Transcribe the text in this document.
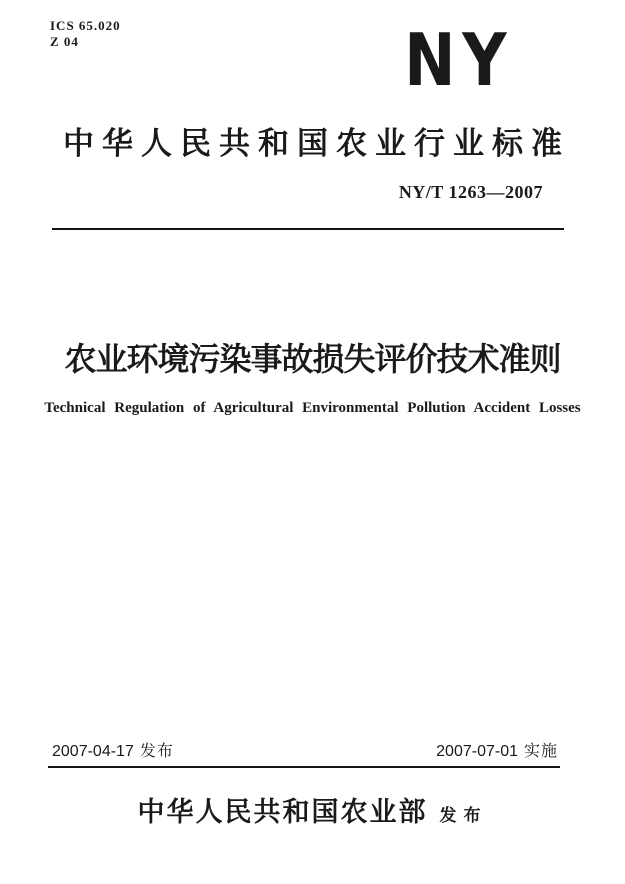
ICS 65.020
Z 04	NY
中华人民共和国农业行业标准
NY/T 1263—2007
农业环境污染事故损失评价技术准则
Technical Regulation of Agricultural Environmental Pollution Accident Losses
2007-04-17 发布	2007-07-01 实施
中华人民共和国农业部 发布
